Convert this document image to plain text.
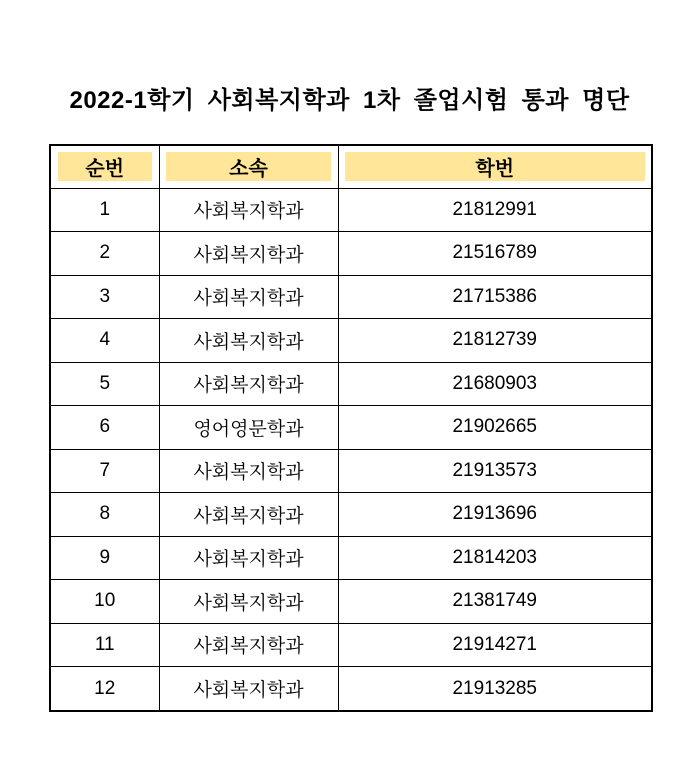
2022-1학기 사회복지학과 1차 졸업시험 통과 명단
순번	소속	학번

1	사회복지학과	21812991
2	사회복지학과	21516789
3	사회복지학과	21715386
4	사회복지학과	21812739
5	사회복지학과	21680903
6	영어영문학과	21902665
7	사회복지학과	21913573
8	사회복지학과	21913696
9	사회복지학과	21814203
10	사회복지학과	21381749
11	사회복지학과	21914271
12	사회복지학과	21913285
